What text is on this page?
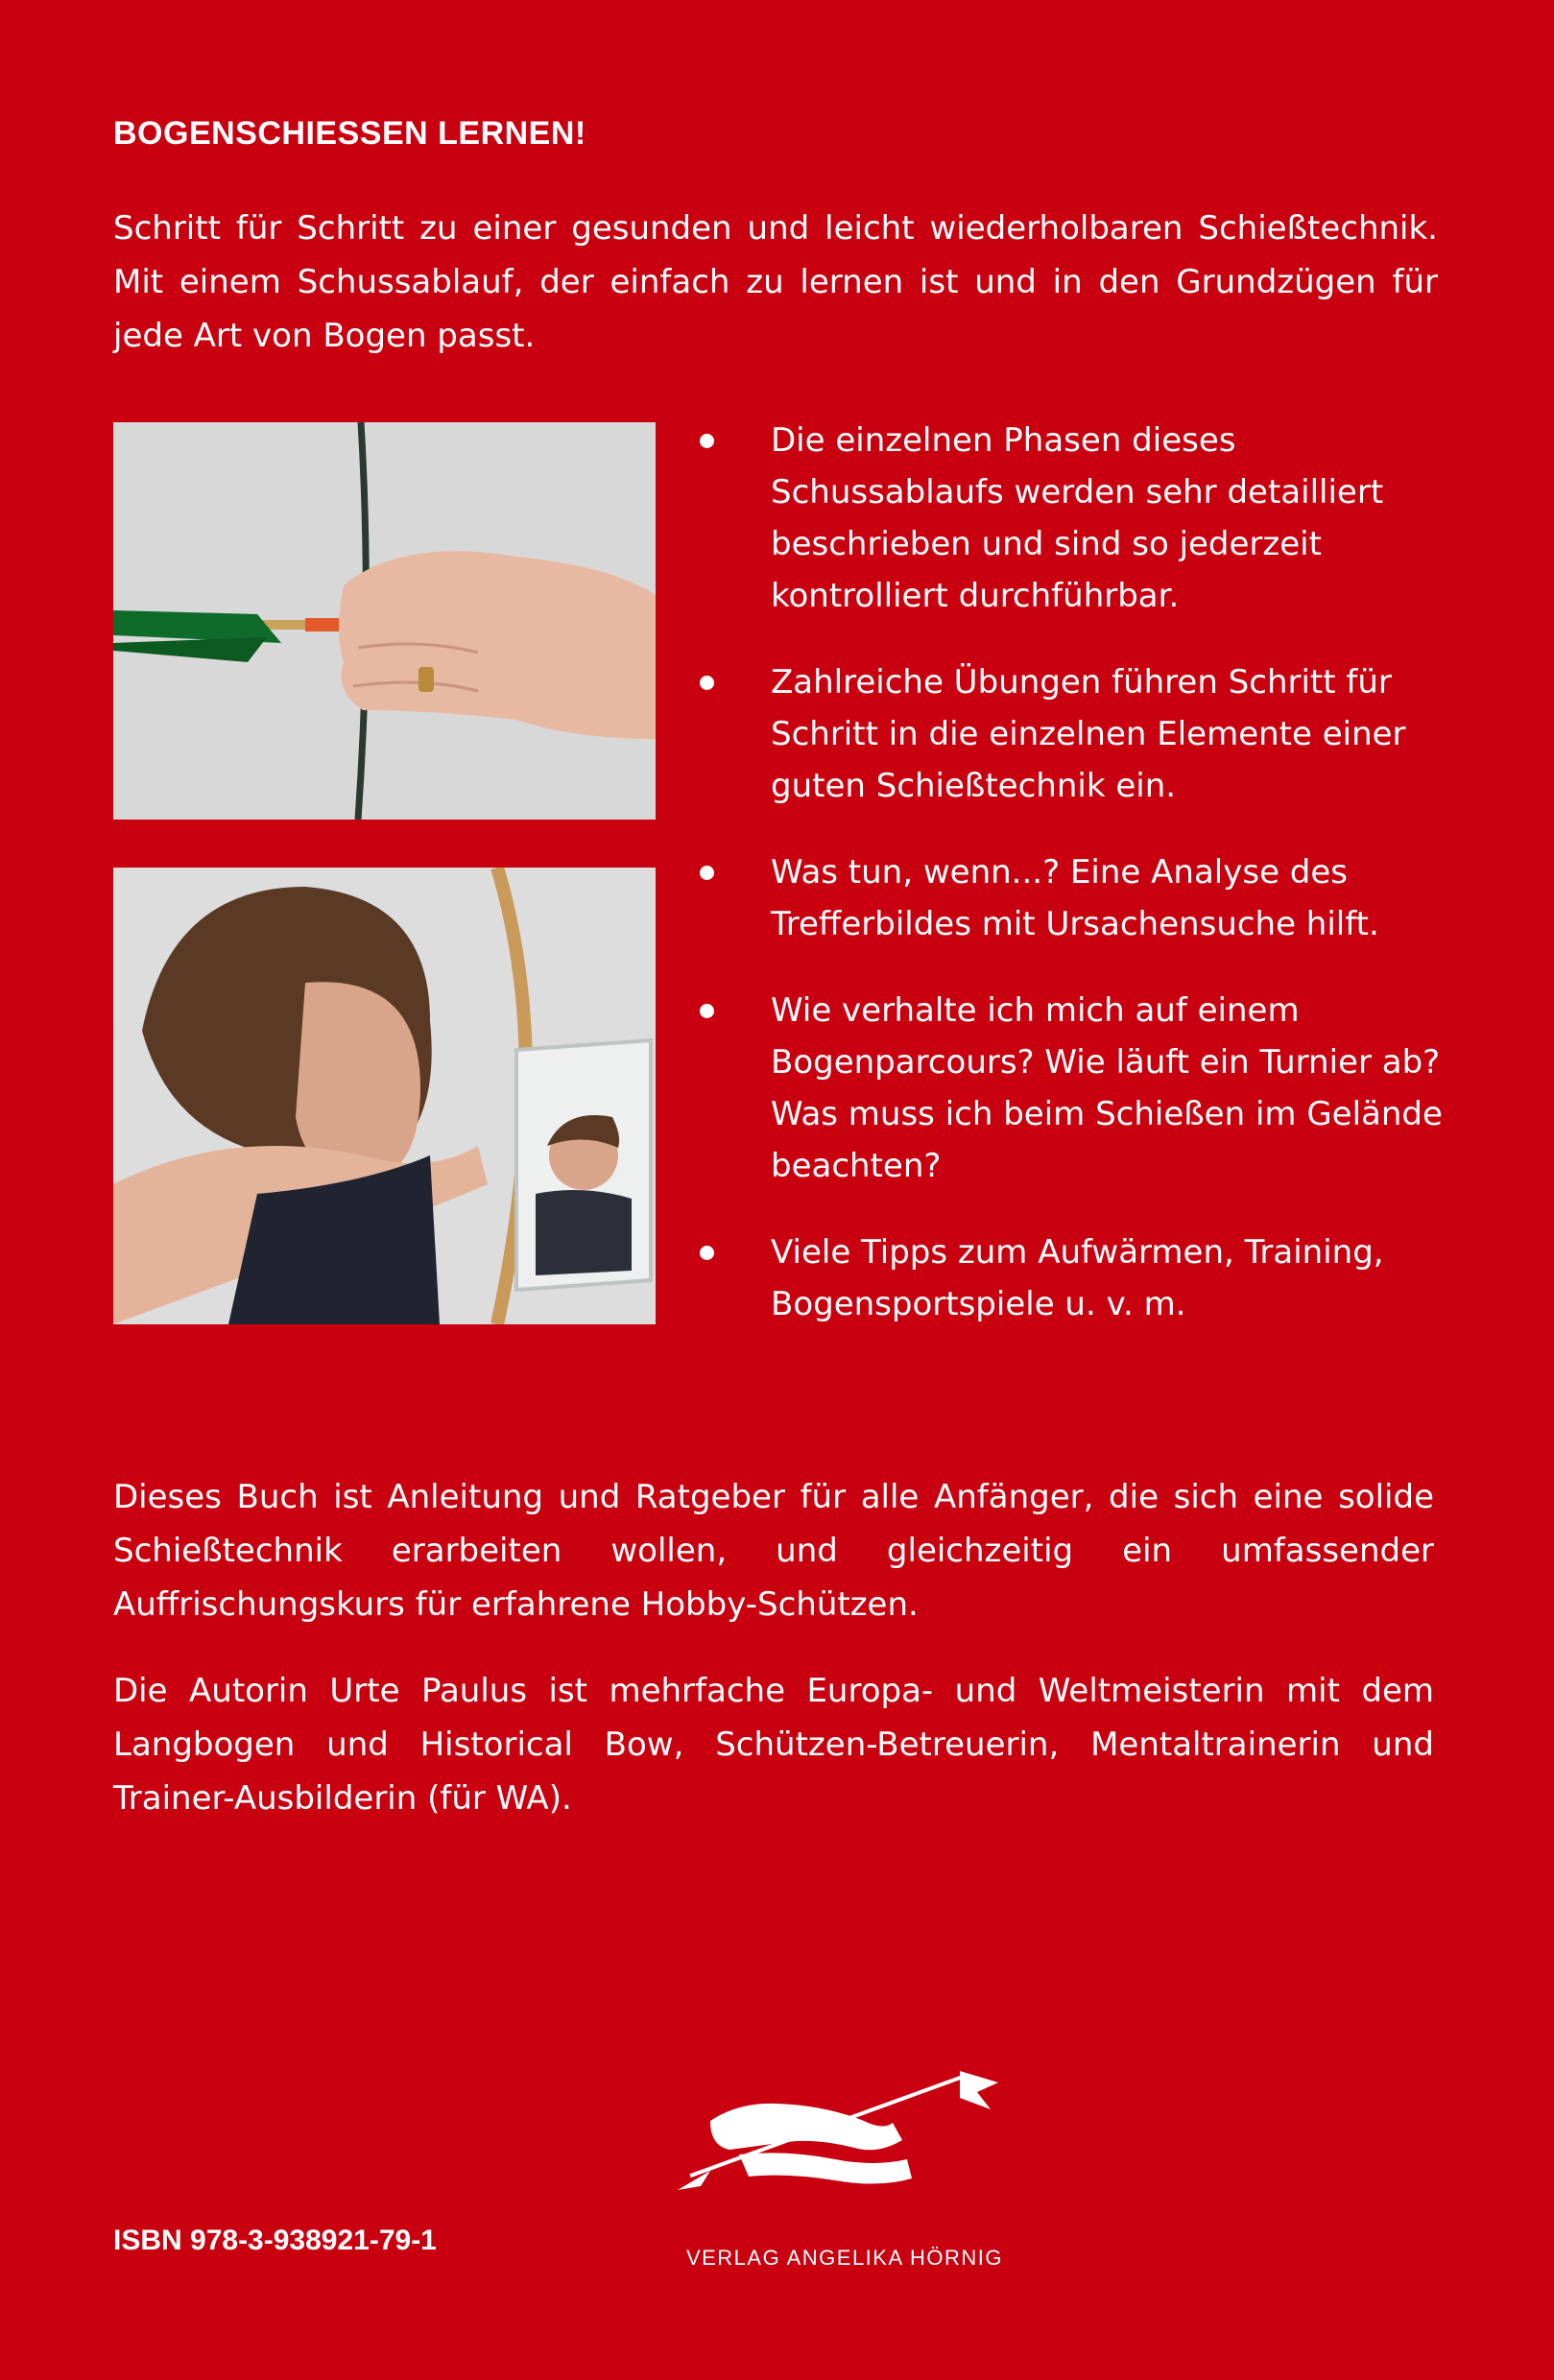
BOGENSCHIESSEN LERNEN!
Schritt für Schritt zu einer gesunden und leicht wiederholbaren Schießtechnik. Mit einem Schussablauf, der einfach zu lernen ist und in den Grundzügen für jede Art von Bogen passt.
Die einzelnen Phasen dieses Schussablaufs werden sehr detailliert beschrieben und sind so jederzeit kontrolliert durchführbar.
Zahlreiche Übungen führen Schritt für Schritt in die einzelnen Elemente einer guten Schießtechnik ein.
Was tun, wenn...? Eine Analyse des Trefferbildes mit Ursachensuche hilft.
Wie verhalte ich mich auf einem Bogenparcours? Wie läuft ein Turnier ab? Was muss ich beim Schießen im Gelände beachten?
Viele Tipps zum Aufwärmen, Training, Bogensportspiele u. v. m.
Dieses Buch ist Anleitung und Ratgeber für alle Anfänger, die sich eine solide Schießtechnik erarbeiten wollen, und gleichzeitig ein umfassender Auffrischungskurs für erfahrene Hobby-Schützen.
Die Autorin Urte Paulus ist mehrfache Europa- und Weltmeisterin mit dem Langbogen und Historical Bow, Schützen-Betreuerin, Mentaltrainerin und Trainer-Ausbilderin (für WA).
ISBN 978-3-938921-79-1
VERLAG ANGELIKA HÖRNIG
